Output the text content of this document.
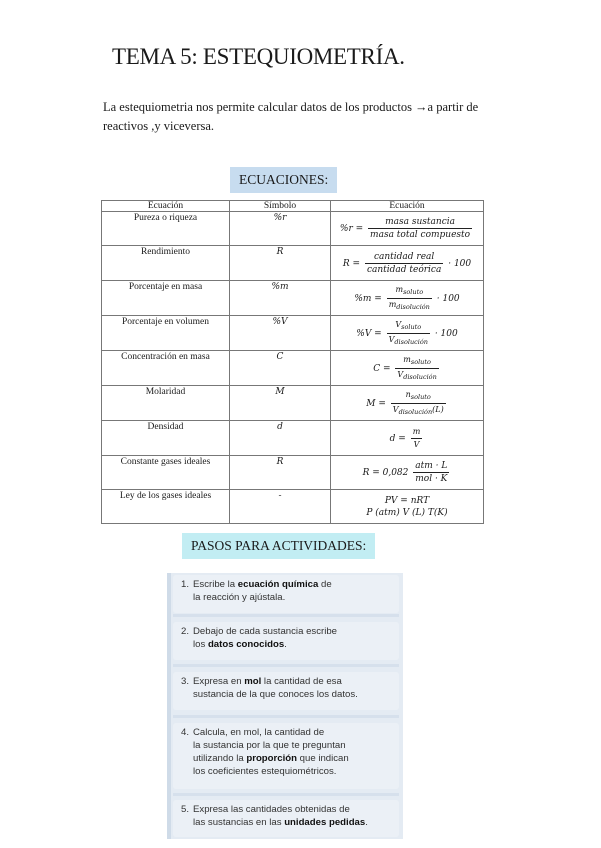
TEMA 5: ESTEQUIOMETRÍA.
La estequiometria nos permite calcular datos de los productos →a partir de reactivos ,y viceversa.
ECUACIONES:
Ecuación	Símbolo	Ecuación
Pureza o riqueza	%r	$\%r = \frac{\text{masa sustancia}}{\text{masa total compuesto}}$

Rendimiento	R	$R = \frac{\text{cantidad real}}{\text{cantidad teórica}} \cdot 100$
Porcentaje en masa	%m	$\%m = \frac{m_{soluto}}{m_{disolución}} \cdot 100$
Porcentaje en volumen	%V	$\%V = \frac{V_{soluto}}{V_{disolución}} \cdot 100$
Concentración en masa	C	$C = \frac{m_{soluto}}{V_{disolución}}$

Molaridad	M	$M = \frac{n_{soluto}}{V_{disolución}(L)}$

Densidad	d	$d = \frac{m}{V}$

Constante gases ideales	R	$R = 0,082 \frac{\text{atm · L}}{\text{mol · K}}$

Ley de los gases ideales	-	PV = nRT
P (atm) V (L) T(K)
PASOS PARA ACTIVIDADES:
1. Escribe la ecuación química de
la reacción y ajústala.
2. Debajo de cada sustancia escribe
los datos conocidos.
3. Expresa en mol la cantidad de esa
sustancia de la que conoces los datos.
4. Calcula, en mol, la cantidad de
la sustancia por la que te preguntan
utilizando la proporción que indican
los coeficientes estequiométricos.
5. Expresa las cantidades obtenidas de
las sustancias en las unidades pedidas.
